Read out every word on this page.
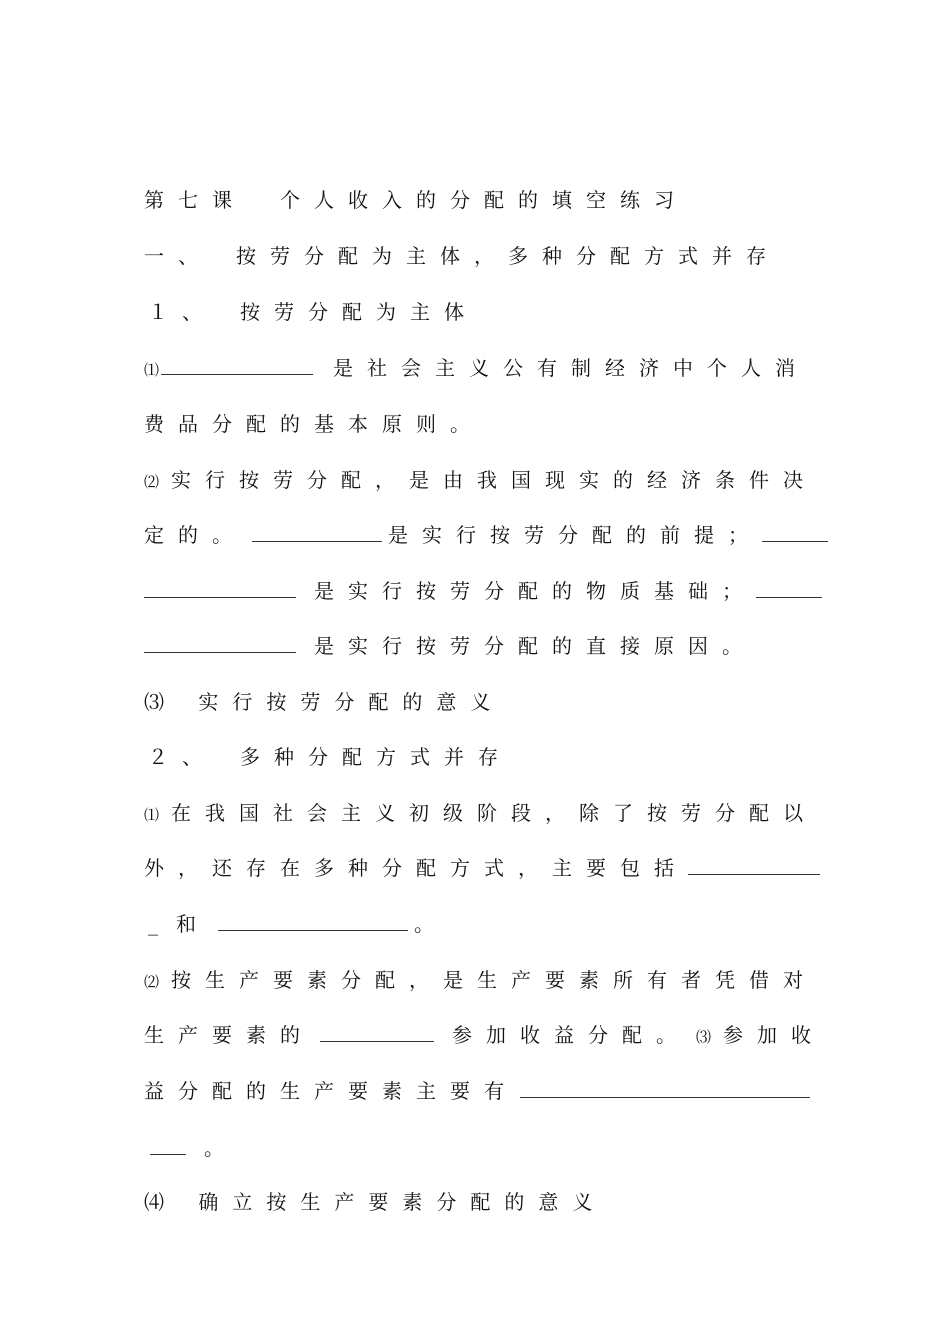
第七课　个人收入的分配的填空练习
一、　按劳分配为主体，多种分配方式并存
１、　按劳分配为主体
⑴	是社会主义公有制经济中个人消
费品分配的基本原则。
⑵ 实行按劳分配，是由我国现实的经济条件决
定的。	是实行按劳分配的前提；
是实行按劳分配的物质基础；
是实行按劳分配的直接原因。
⑶ 实行按劳分配的意义
２、　多种分配方式并存
⑴ 在我国社会主义初级阶段，除了按劳分配以
外，还存在多种分配方式，主要包括
_ 和	。
⑵ 按生产要素分配，是生产要素所有者凭借对
生产要素的	参加收益分配。 ⑶ 参加收
益分配的生产要素主要有
。
⑷ 确立按生产要素分配的意义
